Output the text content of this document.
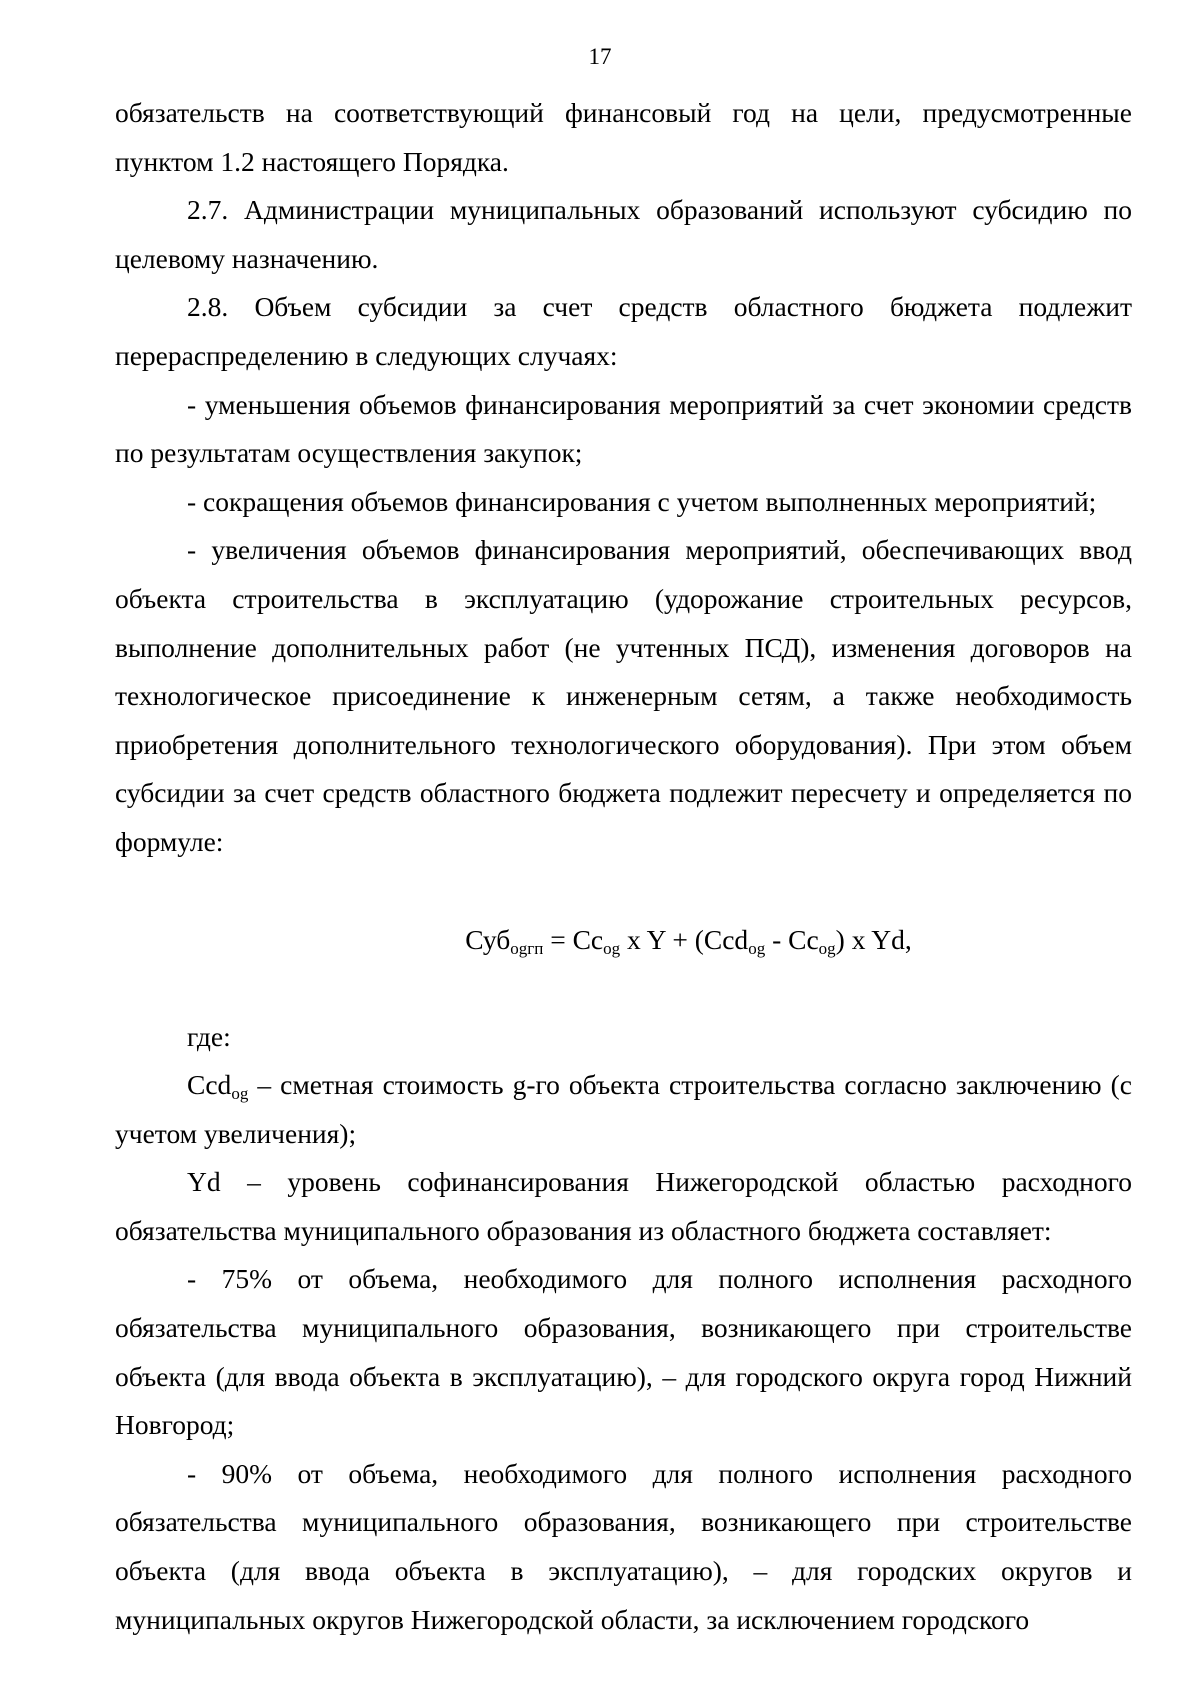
17

обязательств на соответствующий финансовый год на цели, предусмотренные пунктом 1.2 настоящего Порядка.

2.7. Администрации муниципальных образований используют субсидию по целевому назначению.

2.8. Объем субсидии за счет средств областного бюджета подлежит перераспределению в следующих случаях:

- уменьшения объемов финансирования мероприятий за счет экономии средств по результатам осуществления закупок;

- сокращения объемов финансирования с учетом выполненных мероприятий;

- увеличения объемов финансирования мероприятий, обеспечивающих ввод объекта строительства в эксплуатацию (удорожание строительных ресурсов, выполнение дополнительных работ (не учтенных ПСД), изменения договоров на технологическое присоединение к инженерным сетям, а также необходимость приобретения дополнительного технологического оборудования). При этом объем субсидии за счет средств областного бюджета подлежит пересчету и определяется по формуле:

$Суб_{ogгп} = Cc_{og}$ x $Y + (Ccd_{og} - Cc_{og})$ x Yd,

где:

Ccd$_{og}$ – сметная стоимость g-го объекта строительства согласно заключению (с учетом увеличения);

Yd – уровень софинансирования Нижегородской областью расходного обязательства муниципального образования из областного бюджета составляет:

- 75% от объема, необходимого для полного исполнения расходного обязательства муниципального образования, возникающего при строительстве объекта (для ввода объекта в эксплуатацию), – для городского округа город Нижний Новгород;

- 90% от объема, необходимого для полного исполнения расходного обязательства муниципального образования, возникающего при строительстве объекта (для ввода объекта в эксплуатацию), – для городских округов и муниципальных округов Нижегородской области, за исключением городского
